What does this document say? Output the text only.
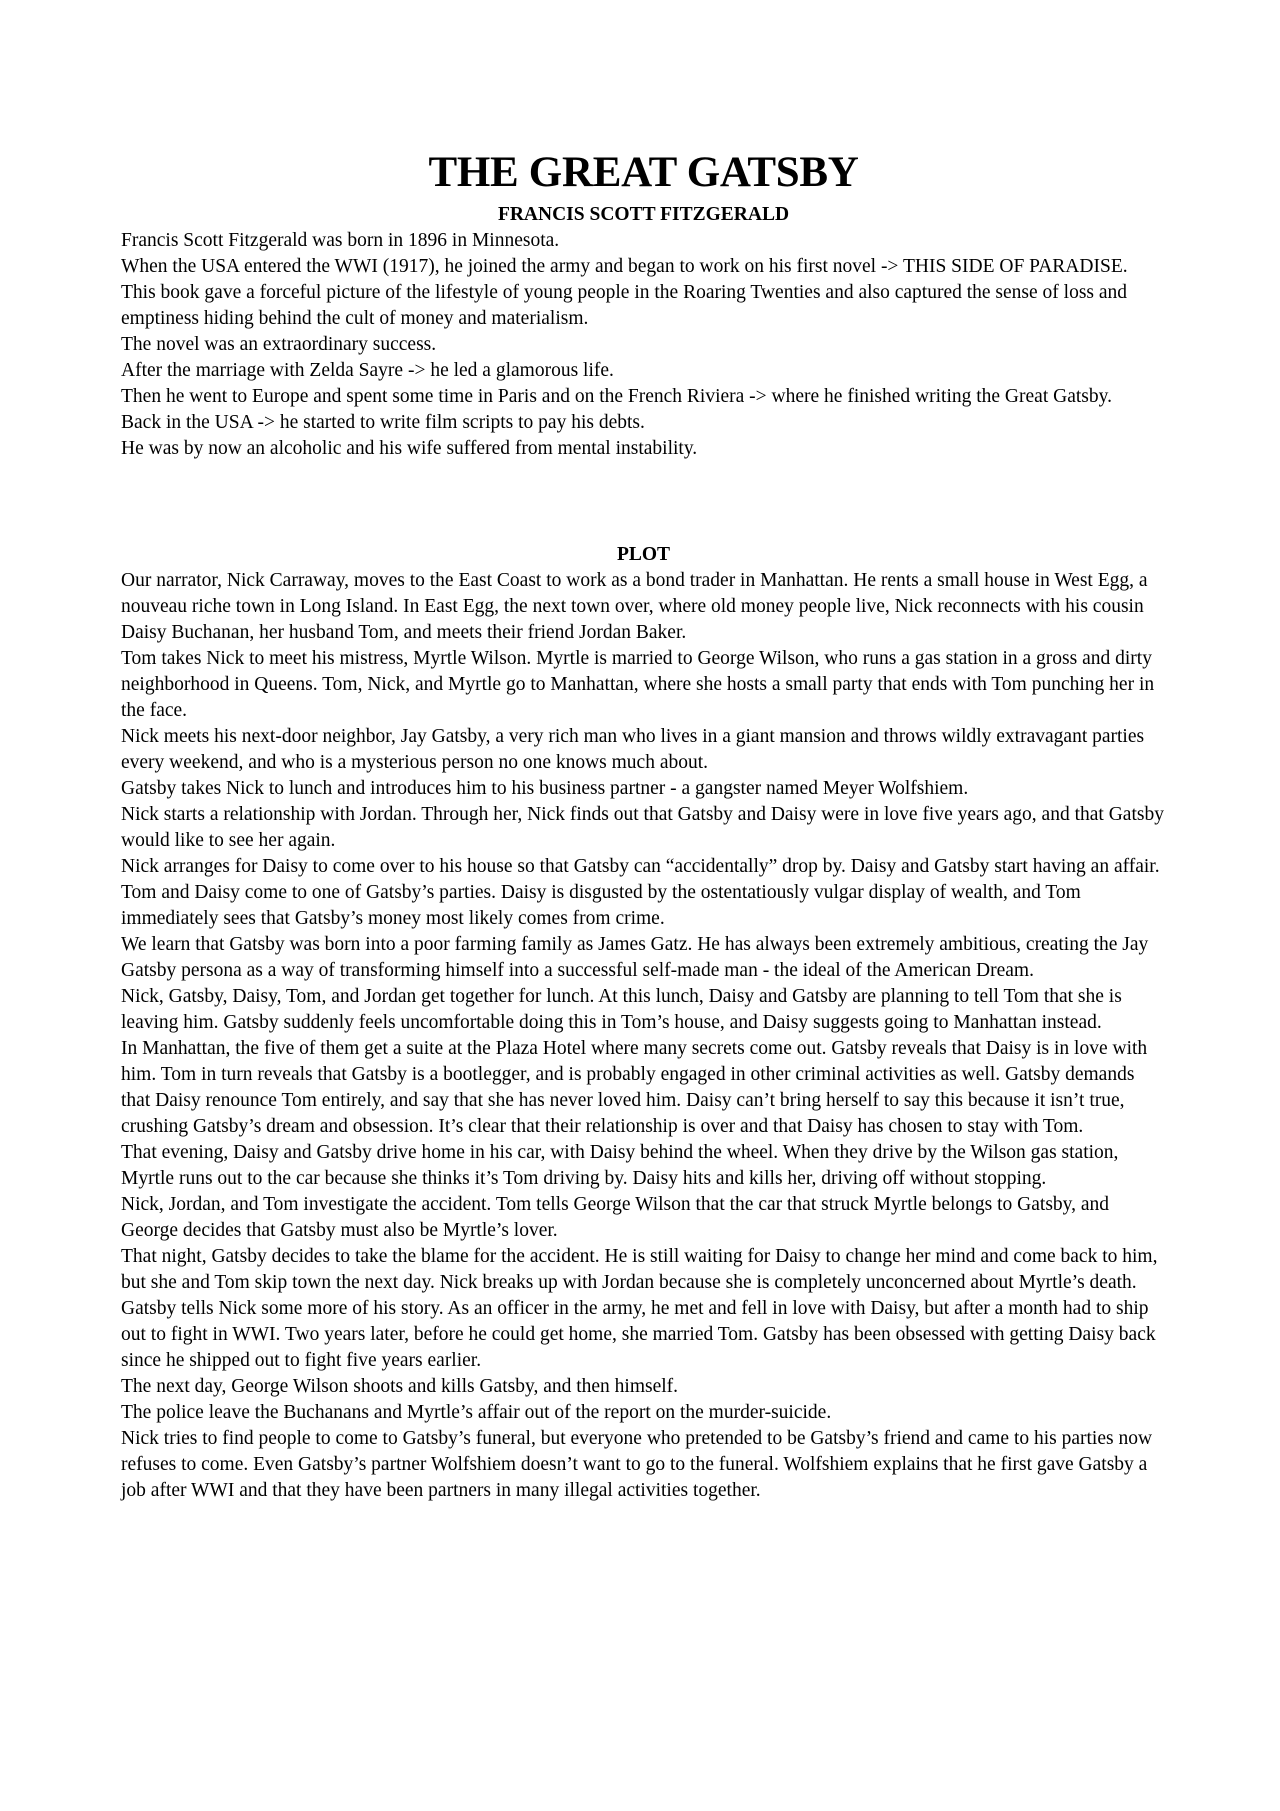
THE GREAT GATSBY
FRANCIS SCOTT FITZGERALD

Francis Scott Fitzgerald was born in 1896 in Minnesota.

When the USA entered the WWI (1917), he joined the army and began to work on his first novel -> THIS SIDE OF PARADISE.

This book gave a forceful picture of the lifestyle of young people in the Roaring Twenties and also captured the sense of loss and emptiness hiding behind the cult of money and materialism.

The novel was an extraordinary success.

After the marriage with Zelda Sayre -> he led a glamorous life.

Then he went to Europe and spent some time in Paris and on the French Riviera -> where he finished writing the Great Gatsby.

Back in the USA -> he started to write film scripts to pay his debts.

He was by now an alcoholic and his wife suffered from mental instability.

PLOT

Our narrator, Nick Carraway, moves to the East Coast to work as a bond trader in Manhattan. He rents a small house in West Egg, a nouveau riche town in Long Island. In East Egg, the next town over, where old money people live, Nick reconnects with his cousin Daisy Buchanan, her husband Tom, and meets their friend Jordan Baker.

Tom takes Nick to meet his mistress, Myrtle Wilson. Myrtle is married to George Wilson, who runs a gas station in a gross and dirty neighborhood in Queens. Tom, Nick, and Myrtle go to Manhattan, where she hosts a small party that ends with Tom punching her in the face.

Nick meets his next-door neighbor, Jay Gatsby, a very rich man who lives in a giant mansion and throws wildly extravagant parties every weekend, and who is a mysterious person no one knows much about.

Gatsby takes Nick to lunch and introduces him to his business partner - a gangster named Meyer Wolfshiem.

Nick starts a relationship with Jordan. Through her, Nick finds out that Gatsby and Daisy were in love five years ago, and that Gatsby would like to see her again.

Nick arranges for Daisy to come over to his house so that Gatsby can “accidentally” drop by. Daisy and Gatsby start having an affair.

Tom and Daisy come to one of Gatsby’s parties. Daisy is disgusted by the ostentatiously vulgar display of wealth, and Tom immediately sees that Gatsby’s money most likely comes from crime.

We learn that Gatsby was born into a poor farming family as James Gatz. He has always been extremely ambitious, creating the Jay Gatsby persona as a way of transforming himself into a successful self-made man - the ideal of the American Dream.

Nick, Gatsby, Daisy, Tom, and Jordan get together for lunch. At this lunch, Daisy and Gatsby are planning to tell Tom that she is leaving him. Gatsby suddenly feels uncomfortable doing this in Tom’s house, and Daisy suggests going to Manhattan instead.

In Manhattan, the five of them get a suite at the Plaza Hotel where many secrets come out. Gatsby reveals that Daisy is in love with him. Tom in turn reveals that Gatsby is a bootlegger, and is probably engaged in other criminal activities as well. Gatsby demands that Daisy renounce Tom entirely, and say that she has never loved him. Daisy can’t bring herself to say this because it isn’t true, crushing Gatsby’s dream and obsession. It’s clear that their relationship is over and that Daisy has chosen to stay with Tom.

That evening, Daisy and Gatsby drive home in his car, with Daisy behind the wheel. When they drive by the Wilson gas station, Myrtle runs out to the car because she thinks it’s Tom driving by. Daisy hits and kills her, driving off without stopping.

Nick, Jordan, and Tom investigate the accident. Tom tells George Wilson that the car that struck Myrtle belongs to Gatsby, and George decides that Gatsby must also be Myrtle’s lover.

That night, Gatsby decides to take the blame for the accident. He is still waiting for Daisy to change her mind and come back to him, but she and Tom skip town the next day. Nick breaks up with Jordan because she is completely unconcerned about Myrtle’s death.

Gatsby tells Nick some more of his story. As an officer in the army, he met and fell in love with Daisy, but after a month had to ship out to fight in WWI. Two years later, before he could get home, she married Tom. Gatsby has been obsessed with getting Daisy back since he shipped out to fight five years earlier.

The next day, George Wilson shoots and kills Gatsby, and then himself.

The police leave the Buchanans and Myrtle’s affair out of the report on the murder-suicide.

Nick tries to find people to come to Gatsby’s funeral, but everyone who pretended to be Gatsby’s friend and came to his parties now refuses to come. Even Gatsby’s partner Wolfshiem doesn’t want to go to the funeral. Wolfshiem explains that he first gave Gatsby a job after WWI and that they have been partners in many illegal activities together.
